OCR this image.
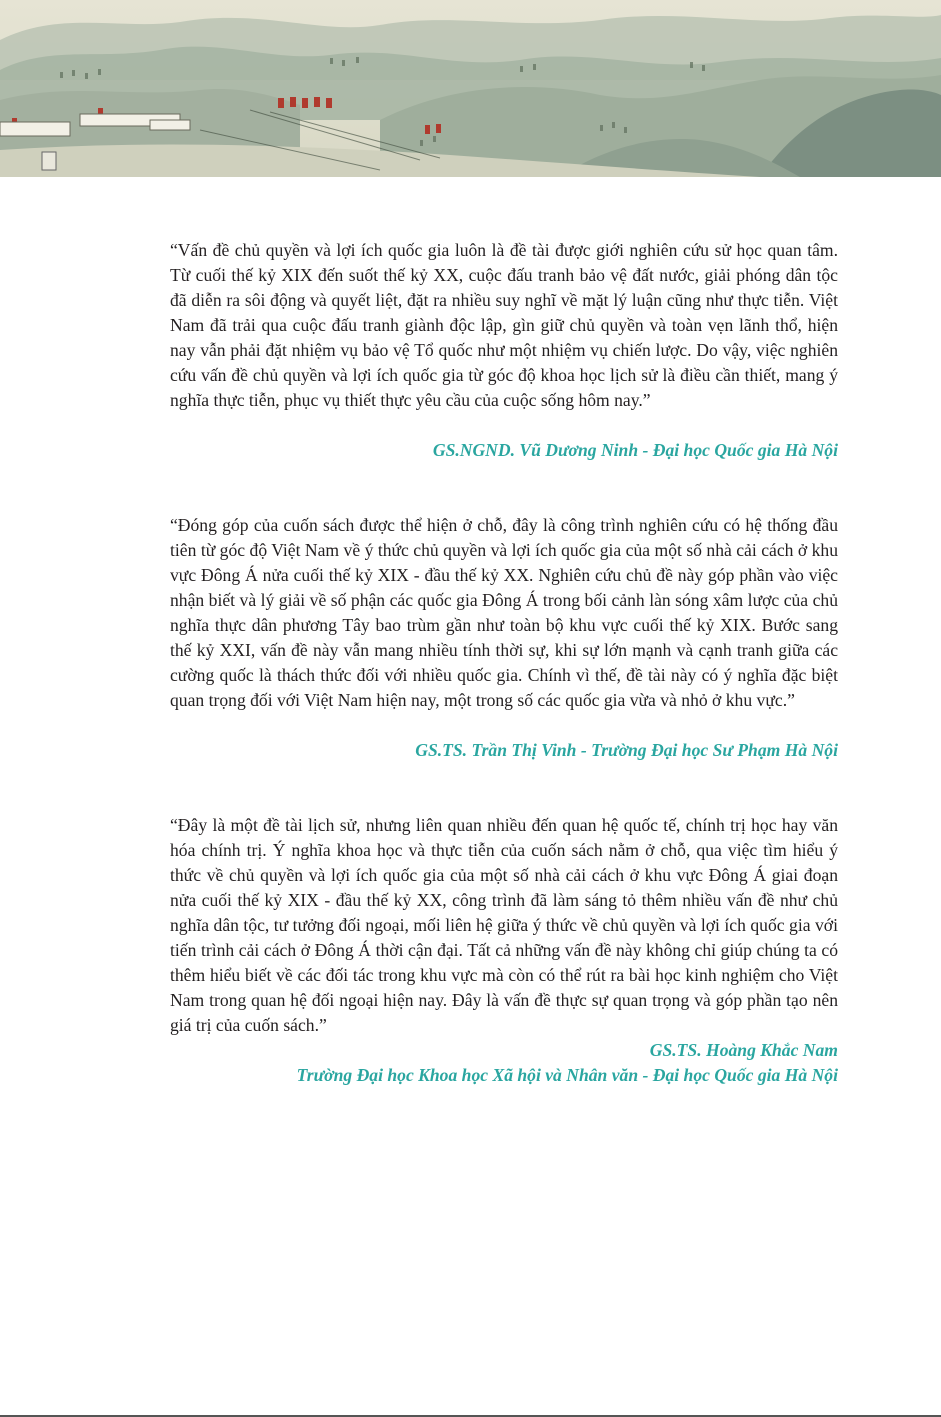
“Vấn đề chủ quyền và lợi ích quốc gia luôn là đề tài được giới nghiên cứu sử học quan tâm. Từ cuối thế kỷ XIX đến suốt thế kỷ XX, cuộc đấu tranh bảo vệ đất nước, giải phóng dân tộc đã diễn ra sôi động và quyết liệt, đặt ra nhiều suy nghĩ về mặt lý luận cũng như thực tiễn. Việt Nam đã trải qua cuộc đấu tranh giành độc lập, gìn giữ chủ quyền và toàn vẹn lãnh thổ, hiện nay vẫn phải đặt nhiệm vụ bảo vệ Tổ quốc như một nhiệm vụ chiến lược. Do vậy, việc nghiên cứu vấn đề chủ quyền và lợi ích quốc gia từ góc độ khoa học lịch sử là điều cần thiết, mang ý nghĩa thực tiễn, phục vụ thiết thực yêu cầu của cuộc sống hôm nay.”
GS.NGND. Vũ Dương Ninh - Đại học Quốc gia Hà Nội
“Đóng góp của cuốn sách được thể hiện ở chỗ, đây là công trình nghiên cứu có hệ thống đầu tiên từ góc độ Việt Nam về ý thức chủ quyền và lợi ích quốc gia của một số nhà cải cách ở khu vực Đông Á nửa cuối thế kỷ XIX - đầu thế kỷ XX. Nghiên cứu chủ đề này góp phần vào việc nhận biết và lý giải về số phận các quốc gia Đông Á trong bối cảnh làn sóng xâm lược của chủ nghĩa thực dân phương Tây bao trùm gần như toàn bộ khu vực cuối thế kỷ XIX. Bước sang thế kỷ XXI, vấn đề này vẫn mang nhiều tính thời sự, khi sự lớn mạnh và cạnh tranh giữa các cường quốc là thách thức đối với nhiều quốc gia. Chính vì thế, đề tài này có ý nghĩa đặc biệt quan trọng đối với Việt Nam hiện nay, một trong số các quốc gia vừa và nhỏ ở khu vực.”
GS.TS. Trần Thị Vinh - Trường Đại học Sư Phạm Hà Nội
“Đây là một đề tài lịch sử, nhưng liên quan nhiều đến quan hệ quốc tế, chính trị học hay văn hóa chính trị. Ý nghĩa khoa học và thực tiễn của cuốn sách nằm ở chỗ, qua việc tìm hiểu ý thức về chủ quyền và lợi ích quốc gia của một số nhà cải cách ở khu vực Đông Á giai đoạn nửa cuối thế kỷ XIX - đầu thế kỷ XX, công trình đã làm sáng tỏ thêm nhiều vấn đề như chủ nghĩa dân tộc, tư tưởng đối ngoại, mối liên hệ giữa ý thức về chủ quyền và lợi ích quốc gia với tiến trình cải cách ở Đông Á thời cận đại. Tất cả những vấn đề này không chỉ giúp chúng ta có thêm hiểu biết về các đối tác trong khu vực mà còn có thể rút ra bài học kinh nghiệm cho Việt Nam trong quan hệ đối ngoại hiện nay. Đây là vấn đề thực sự quan trọng và góp phần tạo nên giá trị của cuốn sách.”
GS.TS. Hoàng Khắc Nam
Trường Đại học Khoa học Xã hội và Nhân văn - Đại học Quốc gia Hà Nội
